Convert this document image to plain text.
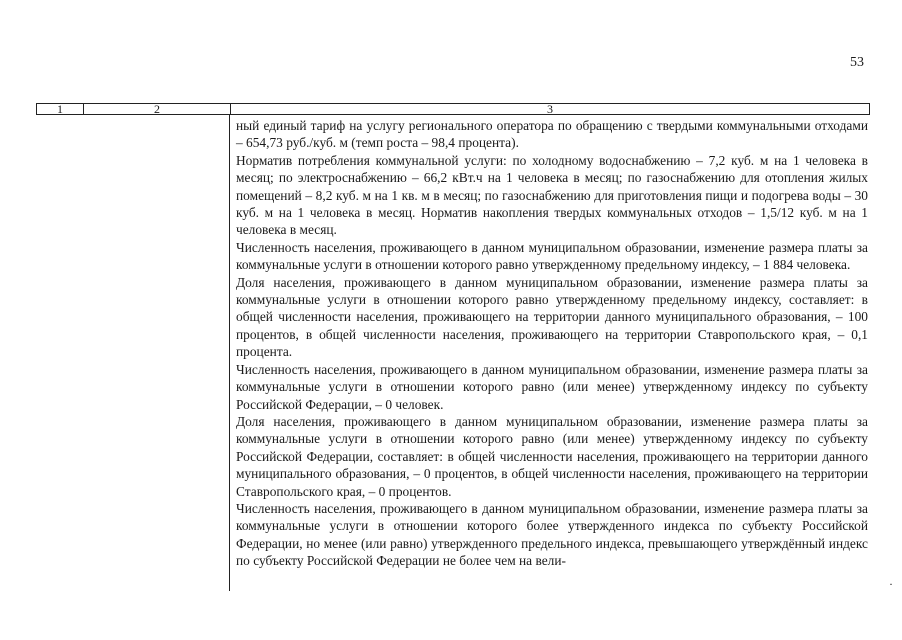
53
1	2	3

ный единый тариф на услугу регионального оператора по обращению с твердыми коммунальными отходами – 654,73 руб./куб. м (темп роста – 98,4 процента).

Норматив потребления коммунальной услуги: по холодному водоснабжению – 7,2 куб. м на 1 человека в месяц; по электроснабжению – 66,2 кВт.ч на 1 человека в месяц; по газоснабжению для отопления жилых помещений – 8,2 куб. м на 1 кв. м в месяц; по газоснабжению для приготовления пищи и подогрева воды – 30 куб. м на 1 человека в месяц. Норматив накопления твердых коммунальных отходов – 1,5/12 куб. м на 1 человека в месяц.

Численность населения, проживающего в данном муниципальном образовании, изменение размера платы за коммунальные услуги в отношении которого равно утвержденному предельному индексу, – 1 884 человека.

Доля населения, проживающего в данном муниципальном образовании, изменение размера платы за коммунальные услуги в отношении которого равно утвержденному предельному индексу, составляет: в общей численности населения, проживающего на территории данного муниципального образования, – 100 процентов, в общей численности населения, проживающего на территории Ставропольского края, – 0,1 процента.

Численность населения, проживающего в данном муниципальном образовании, изменение размера платы за коммунальные услуги в отношении которого равно (или менее) утвержденному индексу по субъекту Российской Федерации, – 0 человек.

Доля населения, проживающего в данном муниципальном образовании, изменение размера платы за коммунальные услуги в отношении которого равно (или менее) утвержденному индексу по субъекту Российской Федерации, составляет: в общей численности населения, проживающего на территории данного муниципального образования, – 0 процентов, в общей численности населения, проживающего на территории Ставропольского края, – 0 процентов.

Численность населения, проживающего в данном муниципальном образовании, изменение размера платы за коммунальные услуги в отношении которого более утвержденного индекса по субъекту Российской Федерации, но менее (или равно) утвержденного предельного индекса, превышающего утверждённый индекс по субъекту Российской Федерации не более чем на вели-

·
